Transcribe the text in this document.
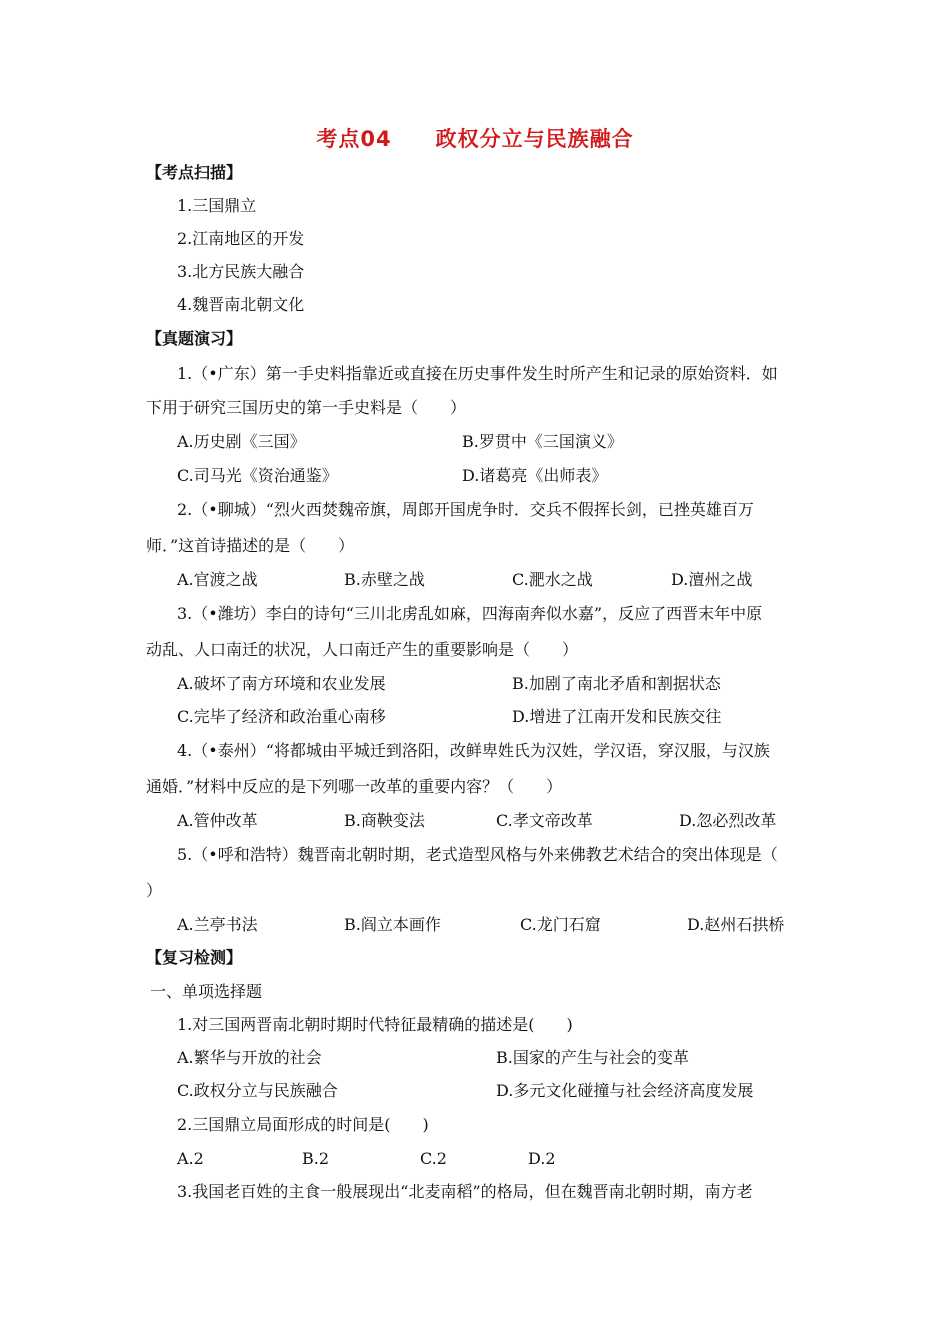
考点04 政权分立与民族融合
【考点扫描】
1.三国鼎立
2.江南地区的开发
3.北方民族大融合
4.魏晋南北朝文化
【真题演习】
1.（•广东）第一手史料指靠近或直接在历史事件发生时所产生和记录的原始资料．如
下用于研究三国历史的第一手史料是（　　）
A.历史剧《三国》	B.罗贯中《三国演义》
C.司马光《资治通鉴》	D.诸葛亮《出师表》
2.（•聊城）“烈火西焚魏帝旗，周郎开国虎争时．交兵不假挥长剑，已挫英雄百万
师．”这首诗描述的是（　　）
A.官渡之战	B.赤壁之战	C.淝水之战	D.澶州之战
3.（•潍坊）李白的诗句“三川北虏乱如麻，四海南奔似水嘉”，反应了西晋末年中原
动乱、人口南迁的状况，人口南迁产生的重要影响是（　　）
A.破坏了南方环境和农业发展	B.加剧了南北矛盾和割据状态
C.完毕了经济和政治重心南移	D.增进了江南开发和民族交往
4.（•泰州）“将都城由平城迁到洛阳，改鲜卑姓氏为汉姓，学汉语，穿汉服，与汉族
通婚．”材料中反应的是下列哪一改革的重要内容？（　　）
A.管仲改革	B.商鞅变法	C.孝文帝改革	D.忽必烈改革
5.（•呼和浩特）魏晋南北朝时期，老式造型风格与外来佛教艺术结合的突出体现是（
）
A.兰亭书法	B.阎立本画作	C.龙门石窟	D.赵州石拱桥
【复习检测】
一、单项选择题
1.对三国两晋南北朝时期时代特征最精确的描述是(　　)
A.繁华与开放的社会	B.国家的产生与社会的变革
C.政权分立与民族融合	D.多元文化碰撞与社会经济高度发展
2.三国鼎立局面形成的时间是(　　)
A.2	B.2	C.2	D.2
3.我国老百姓的主食一般展现出“北麦南稻”的格局，但在魏晋南北朝时期，南方老
